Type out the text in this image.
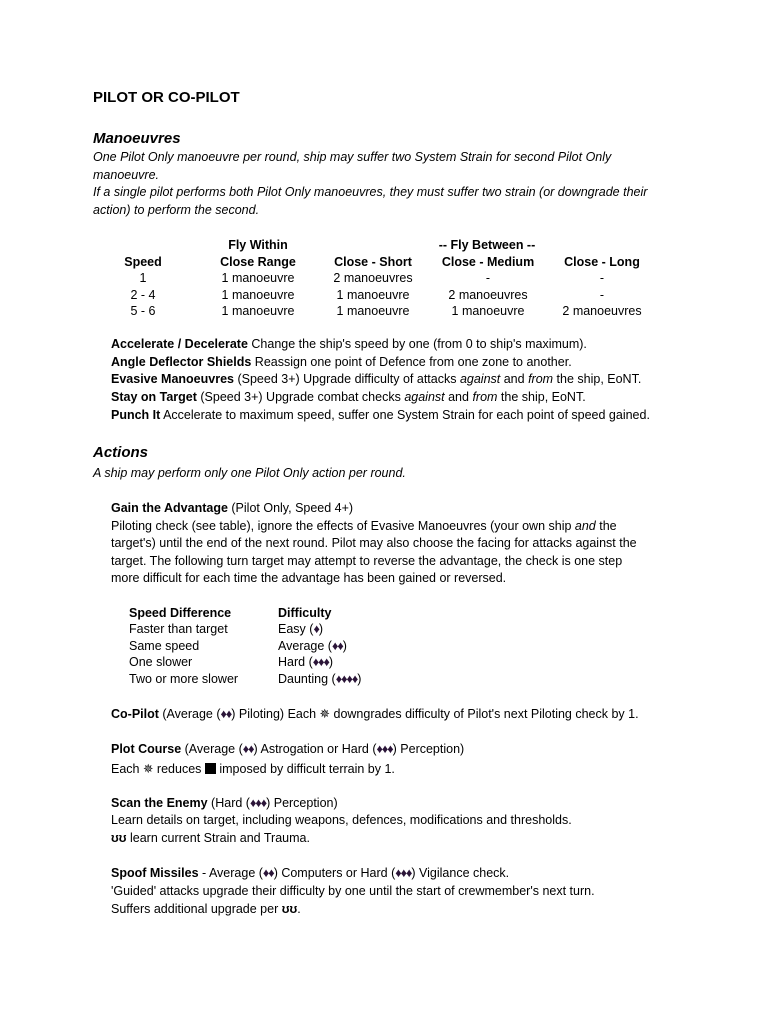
PILOT OR CO-PILOT
Manoeuvres
One Pilot Only manoeuvre per round, ship may suffer two System Strain for second Pilot Only
manoeuvre.
If a single pilot performs both Pilot Only manoeuvres, they must suffer two strain (or downgrade their
action) to perform the second.
Fly Within	-- Fly Between --
Speed	Close Range	Close - Short	Close - Medium	Close - Long
1	1 manoeuvre	2 manoeuvres	-	-
2 - 4	1 manoeuvre	1 manoeuvre	2 manoeuvres	-
5 - 6	1 manoeuvre	1 manoeuvre	1 manoeuvre	2 manoeuvres
Accelerate / Decelerate Change the ship's speed by one (from 0 to ship's maximum).
Angle Deflector Shields Reassign one point of Defence from one zone to another.
Evasive Manoeuvres (Speed 3+) Upgrade difficulty of attacks against and from the ship, EoNT.
Stay on Target (Speed 3+) Upgrade combat checks against and from the ship, EoNT.
Punch It Accelerate to maximum speed, suffer one System Strain for each point of speed gained.
Actions
A ship may perform only one Pilot Only action per round.
Gain the Advantage (Pilot Only, Speed 4+)
Piloting check (see table), ignore the effects of Evasive Manoeuvres (your own ship and the
target's) until the end of the next round. Pilot may also choose the facing for attacks against the
target. The following turn target may attempt to reverse the advantage, the check is one step
more difficult for each time the advantage has been gained or reversed.
Speed Difference	Difficulty
Faster than target	Easy (♦)
Same speed	Average (♦♦)
One slower	Hard (♦♦♦)
Two or more slower	Daunting (♦♦♦♦)
Co-Pilot (Average (♦♦) Piloting) Each ✵ downgrades difficulty of Pilot's next Piloting check by 1.
Plot Course (Average (♦♦) Astrogation or Hard (♦♦♦) Perception)
Each ✵ reduces  imposed by difficult terrain by 1.
Scan the Enemy (Hard (♦♦♦) Perception)
Learn details on target, including weapons, defences, modifications and thresholds.
ʊʊ learn current Strain and Trauma.
Spoof Missiles - Average (♦♦) Computers or Hard (♦♦♦) Vigilance check.
'Guided' attacks upgrade their difficulty by one until the start of crewmember's next turn.
Suffers additional upgrade per ʊʊ.
